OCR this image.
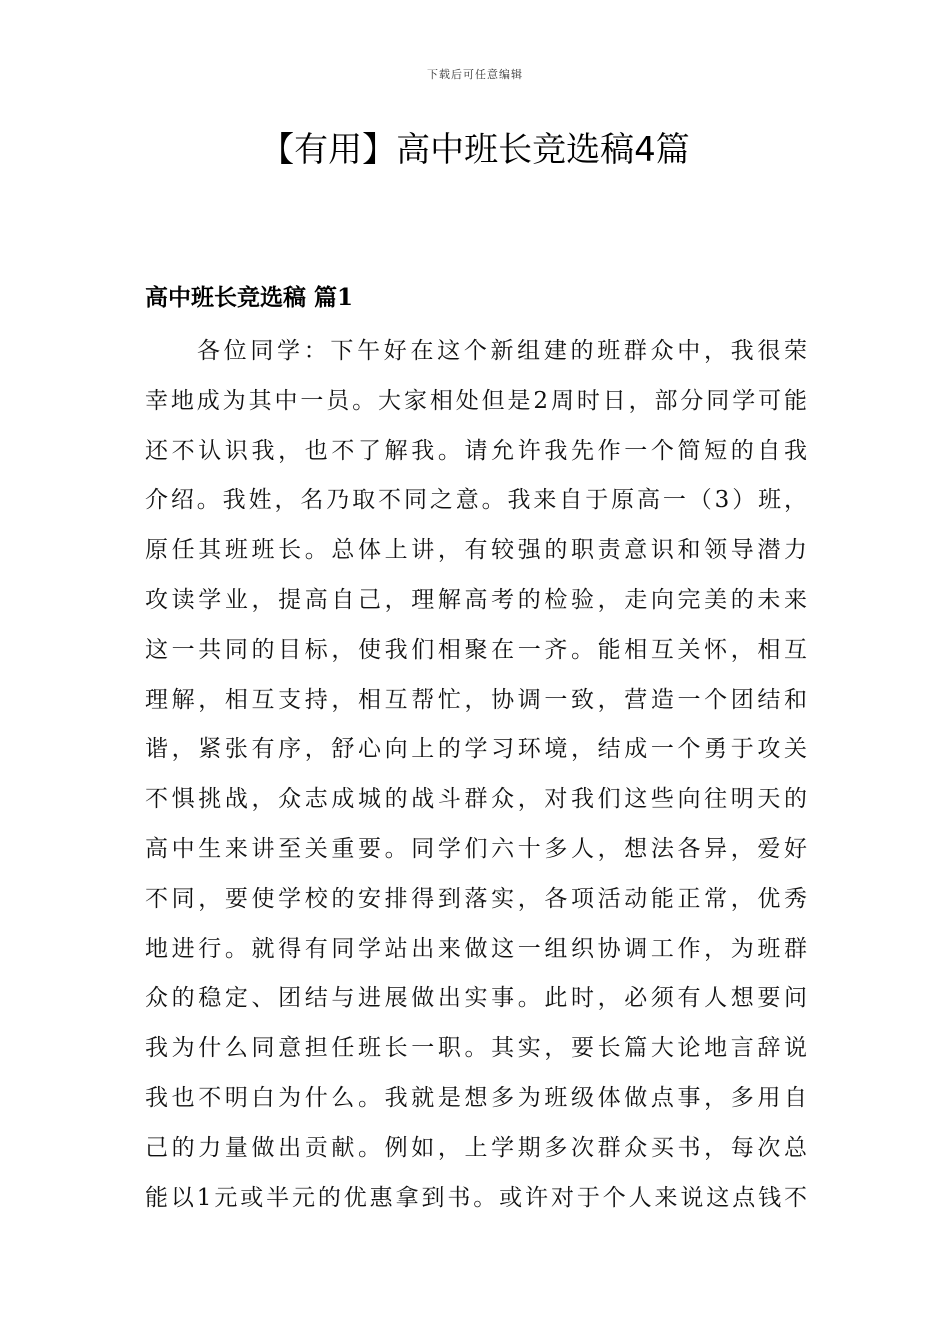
下载后可任意编辑
【有用】高中班长竞选稿4篇
高中班长竞选稿 篇1
各位同学：下午好在这个新组建的班群众中，我很荣
幸地成为其中一员。大家相处但是2周时日，部分同学可能
还不认识我，也不了解我。请允许我先作一个简短的自我
介绍。我姓，名乃取不同之意。我来自于原高一（3）班，
原任其班班长。总体上讲，有较强的职责意识和领导潜力
攻读学业，提高自己，理解高考的检验，走向完美的未来
这一共同的目标，使我们相聚在一齐。能相互关怀，相互
理解，相互支持，相互帮忙，协调一致，营造一个团结和
谐，紧张有序，舒心向上的学习环境，结成一个勇于攻关
不惧挑战，众志成城的战斗群众，对我们这些向往明天的
高中生来讲至关重要。同学们六十多人，想法各异，爱好
不同，要使学校的安排得到落实，各项活动能正常，优秀
地进行。就得有同学站出来做这一组织协调工作，为班群
众的稳定、团结与进展做出实事。此时，必须有人想要问
我为什么同意担任班长一职。其实，要长篇大论地言辞说
我也不明白为什么。我就是想多为班级体做点事，多用自
己的力量做出贡献。例如，上学期多次群众买书，每次总
能以1元或半元的优惠拿到书。或许对于个人来说这点钱不
